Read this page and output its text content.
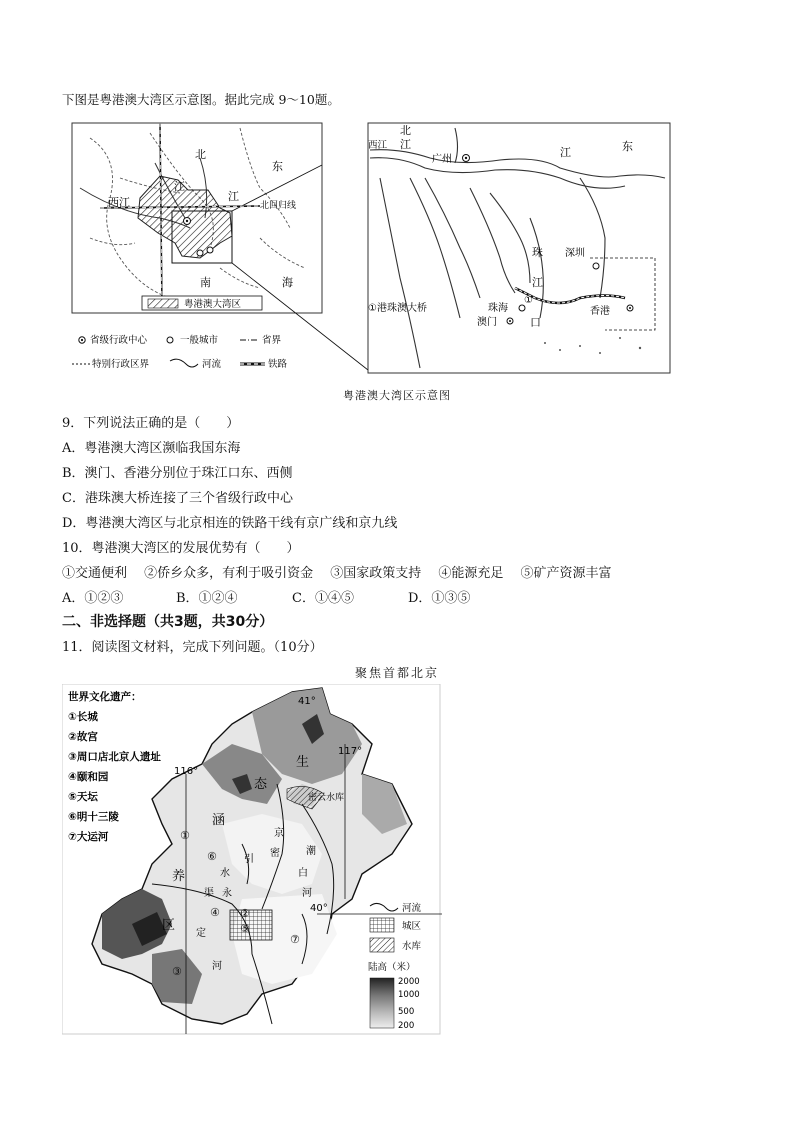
下图是粤港澳大湾区示意图。据此完成 9～10题。
北
江
东
江
西江	北回归线
南	海
粤港澳大湾区
省级行政中心	一般城市	省界
特别行政区界	河流	铁路
北
西江 江
广州
江	东
珠 深圳
江
①港珠澳大桥	珠海
澳门	口
①
香港
粤港澳大湾区示意图
9．下列说法正确的是（　　）
A．粤港澳大湾区濒临我国东海
B．澳门、香港分别位于珠江口东、西侧
C．港珠澳大桥连接了三个省级行政中心
D．粤港澳大湾区与北京相连的铁路干线有京广线和京九线
10．粤港澳大湾区的发展优势有（　　）
①交通便利　 ②侨乡众多，有利于吸引资金　 ③国家政策支持　 ④能源充足　 ⑤矿产资源丰富
A．①②③	B．①②④	C．①④⑤	D．①③⑤
二、非选择题（共3题，共30分）
11．阅读图文材料，完成下列问题。（10分）
聚焦首都北京
①
②
③
④
⑤
⑥
⑦
41°
117°
116°
40°
生
态
涵
养
区
密云水库
京
密
引
水
渠
潮
白
河
永
定
河
世界文化遗产：
①长城
②故宫
③周口店北京人遗址
④颐和园
⑤天坛
⑥明十三陵
⑦大运河
河流
城区
水库
陆高（米）
2000
1000
500
200
